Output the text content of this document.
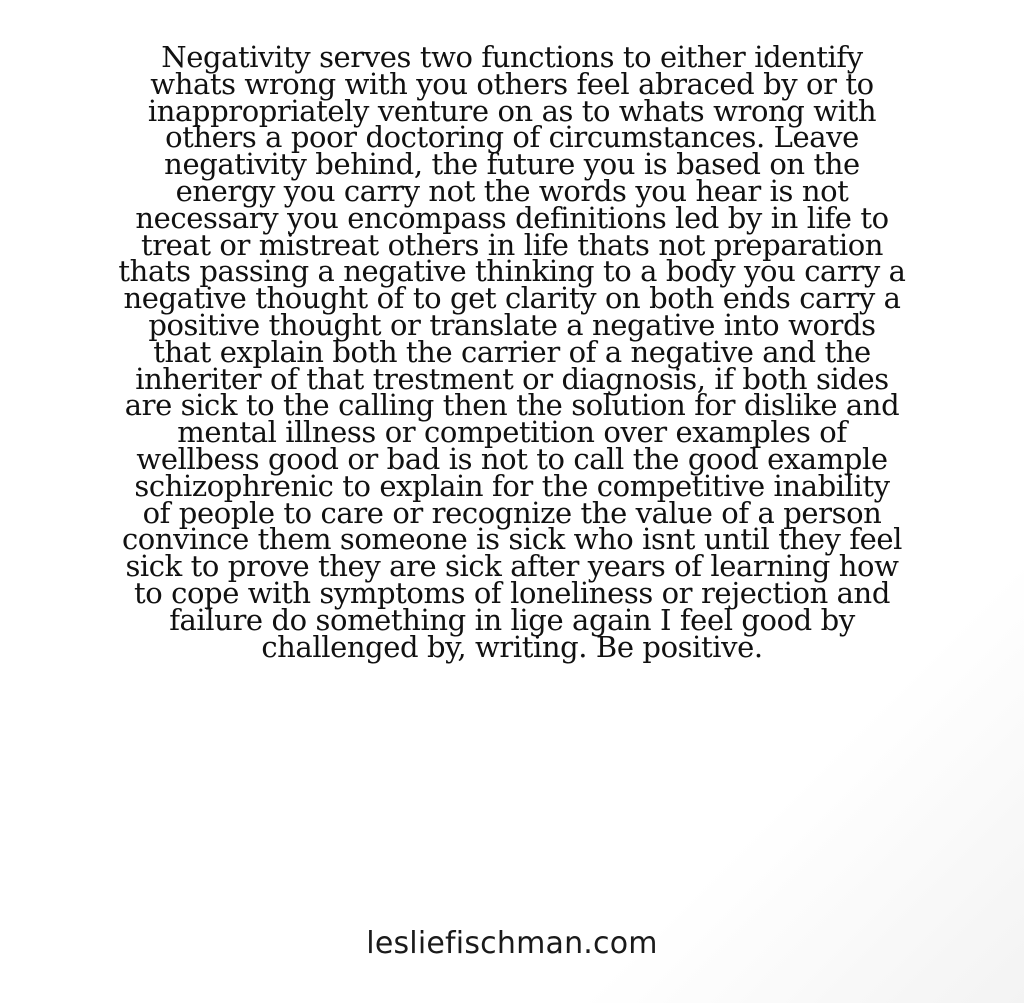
Negativity serves two functions to either identify
whats wrong with you others feel abraced by or to
inappropriately venture on as to whats wrong with
others a poor doctoring of circumstances. Leave
negativity behind, the future you is based on the
energy you carry not the words you hear is not
necessary you encompass definitions led by in life to
treat or mistreat others in life thats not preparation
thats passing a negative thinking to a body you carry a
negative thought of to get clarity on both ends carry a
positive thought or translate a negative into words
that explain both the carrier of a negative and the
inheriter of that trestment or diagnosis, if both sides
are sick to the calling then the solution for dislike and
mental illness or competition over examples of
wellbess good or bad is not to call the good example
schizophrenic to explain for the competitive inability
of people to care or recognize the value of a person
convince them someone is sick who isnt until they feel
sick to prove they are sick after years of learning how
to cope with symptoms of loneliness or rejection and
failure do something in lige again I feel good by
challenged by, writing. Be positive.
lesliefischman.com
